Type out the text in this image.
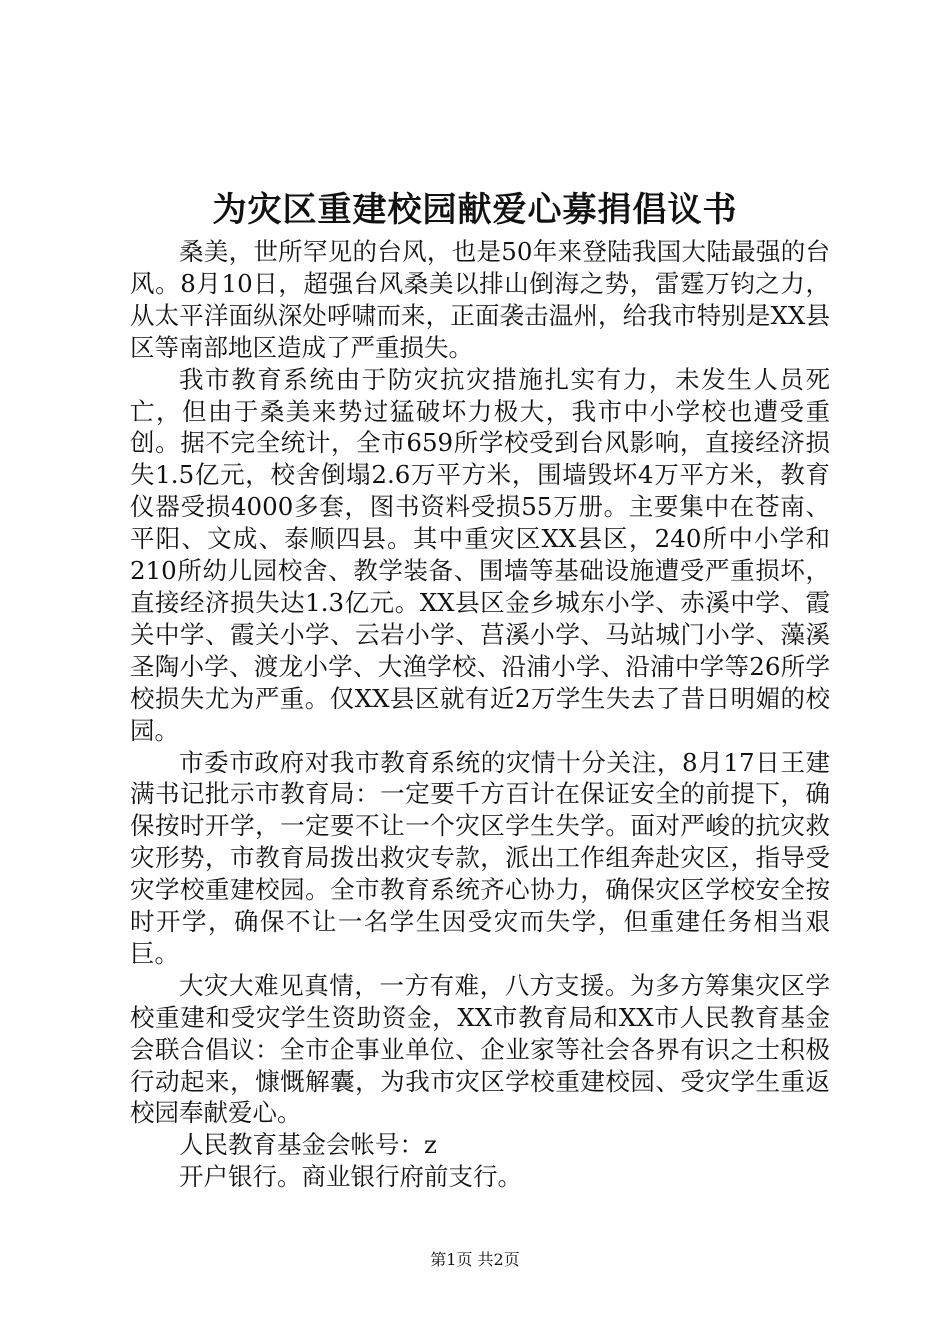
为灾区重建校园献爱心募捐倡议书

桑美，世所罕见的台风，也是50年来登陆我国大陆最强的台风。8月10日，超强台风桑美以排山倒海之势，雷霆万钧之力，从太平洋面纵深处呼啸而来，正面袭击温州，给我市特别是XX县区等南部地区造成了严重损失。

我市教育系统由于防灾抗灾措施扎实有力，未发生人员死亡，但由于桑美来势过猛破坏力极大，我市中小学校也遭受重创。据不完全统计，全市659所学校受到台风影响，直接经济损失1.5亿元，校舍倒塌2.6万平方米，围墙毁坏4万平方米，教育仪器受损4000多套，图书资料受损55万册。主要集中在苍南、平阳、文成、泰顺四县。其中重灾区XX县区，240所中小学和210所幼儿园校舍、教学装备、围墙等基础设施遭受严重损坏，直接经济损失达1.3亿元。XX县区金乡城东小学、赤溪中学、霞关中学、霞关小学、云岩小学、莒溪小学、马站城门小学、藻溪圣陶小学、渡龙小学、大渔学校、沿浦小学、沿浦中学等26所学校损失尤为严重。仅XX县区就有近2万学生失去了昔日明媚的校园。

市委市政府对我市教育系统的灾情十分关注，8月17日王建满书记批示市教育局：一定要千方百计在保证安全的前提下，确保按时开学，一定要不让一个灾区学生失学。面对严峻的抗灾救灾形势，市教育局拨出救灾专款，派出工作组奔赴灾区，指导受灾学校重建校园。全市教育系统齐心协力，确保灾区学校安全按时开学，确保不让一名学生因受灾而失学，但重建任务相当艰巨。

大灾大难见真情，一方有难，八方支援。为多方筹集灾区学校重建和受灾学生资助资金，XX市教育局和XX市人民教育基金会联合倡议：全市企事业单位、企业家等社会各界有识之士积极行动起来，慷慨解囊，为我市灾区学校重建校园、受灾学生重返校园奉献爱心。

人民教育基金会帐号：z

开户银行。商业银行府前支行。

第1页 共2页
